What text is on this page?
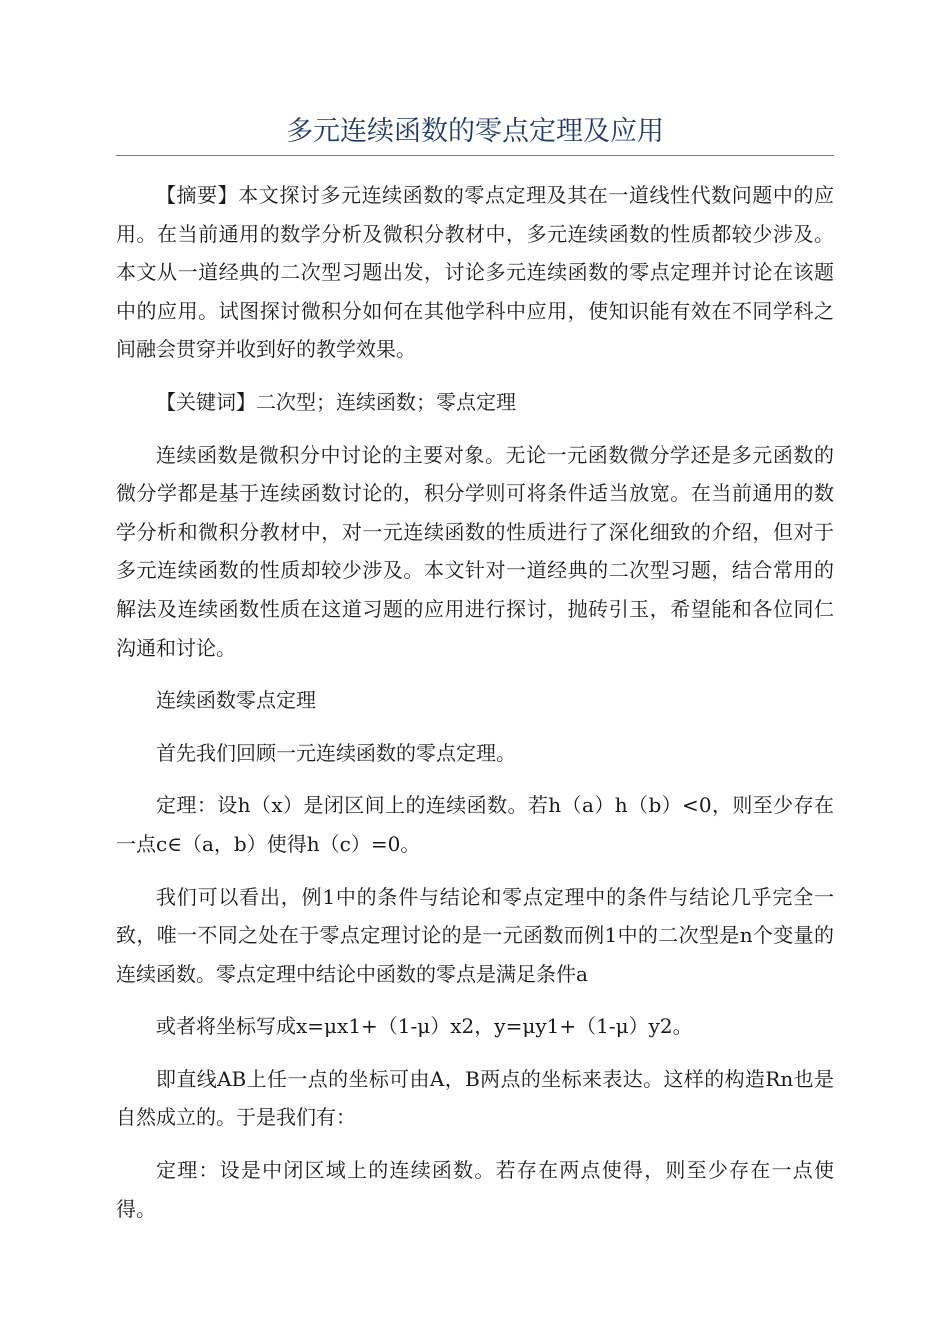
多元连续函数的零点定理及应用

【摘要】本文探讨多元连续函数的零点定理及其在一道线性代数问题中的应用。在当前通用的数学分析及微积分教材中，多元连续函数的性质都较少涉及。本文从一道经典的二次型习题出发，讨论多元连续函数的零点定理并讨论在该题中的应用。试图探讨微积分如何在其他学科中应用，使知识能有效在不同学科之间融会贯穿并收到好的教学效果。

【关键词】二次型；连续函数；零点定理

连续函数是微积分中讨论的主要对象。无论一元函数微分学还是多元函数的微分学都是基于连续函数讨论的，积分学则可将条件适当放宽。在当前通用的数学分析和微积分教材中，对一元连续函数的性质进行了深化细致的介绍，但对于多元连续函数的性质却较少涉及。本文针对一道经典的二次型习题，结合常用的解法及连续函数性质在这道习题的应用进行探讨，抛砖引玉，希望能和各位同仁沟通和讨论。

连续函数零点定理

首先我们回顾一元连续函数的零点定理。

定理：设h（x）是闭区间上的连续函数。若h（a）h（b）<0，则至少存在一点c∈（a，b）使得h（c）=0。

我们可以看出，例1中的条件与结论和零点定理中的条件与结论几乎完全一致，唯一不同之处在于零点定理讨论的是一元函数而例1中的二次型是n个变量的连续函数。零点定理中结论中函数的零点是满足条件a

或者将坐标写成x=μx1+（1-μ）x2，y=μy1+（1-μ）y2。

即直线AB上任一点的坐标可由A，B两点的坐标来表达。这样的构造Rn也是自然成立的。于是我们有：

定理：设是中闭区域上的连续函数。若存在两点使得，则至少存在一点使得。
